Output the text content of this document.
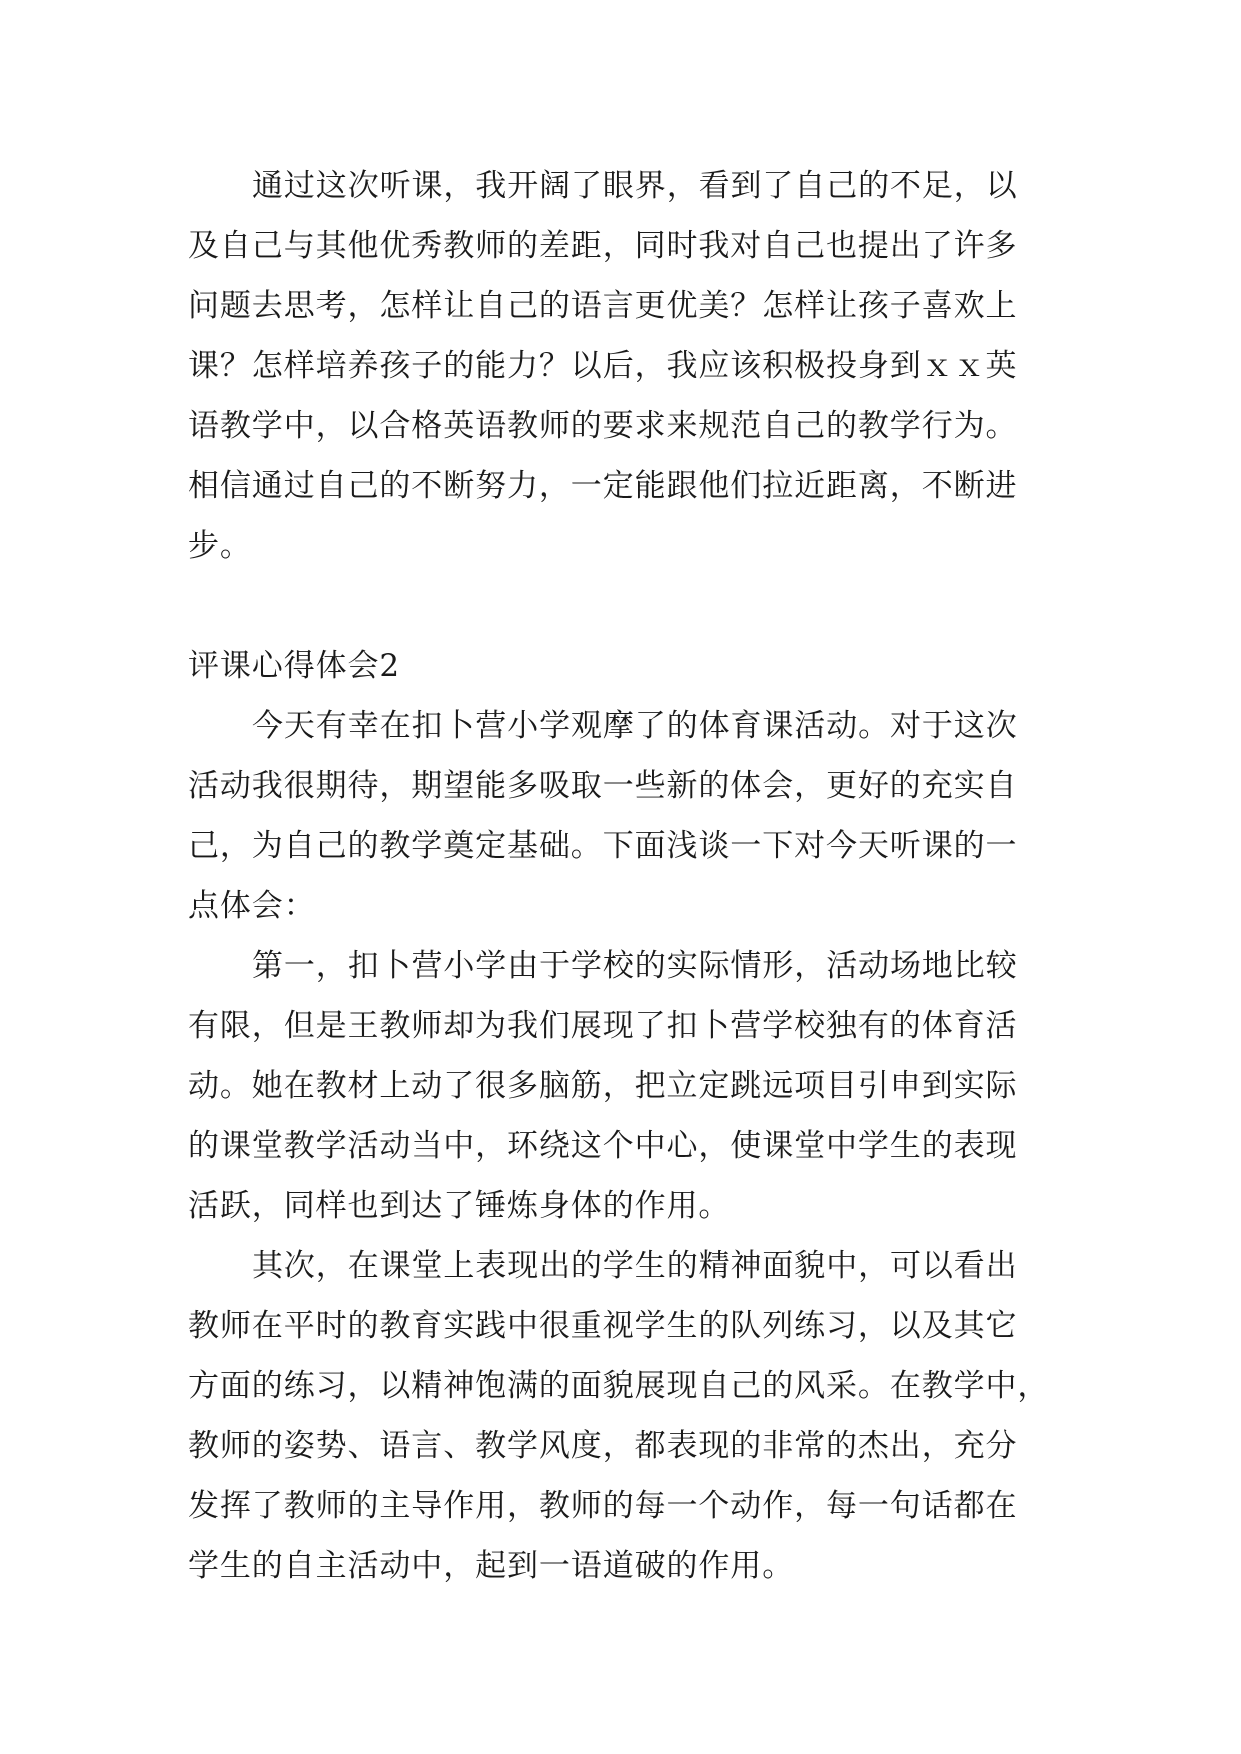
通过这次听课，我开阔了眼界，看到了自己的不足，以
及自己与其他优秀教师的差距，同时我对自己也提出了许多
问题去思考，怎样让自己的语言更优美？怎样让孩子喜欢上
课？怎样培养孩子的能力？以后，我应该积极投身到ｘｘ英
语教学中，以合格英语教师的要求来规范自己的教学行为。
相信通过自己的不断努力，一定能跟他们拉近距离，不断进
步。
评课心得体会2
今天有幸在扣卜营小学观摩了的体育课活动。对于这次
活动我很期待，期望能多吸取一些新的体会，更好的充实自
己，为自己的教学奠定基础。下面浅谈一下对今天听课的一
点体会：
第一，扣卜营小学由于学校的实际情形，活动场地比较
有限，但是王教师却为我们展现了扣卜营学校独有的体育活
动。她在教材上动了很多脑筋，把立定跳远项目引申到实际
的课堂教学活动当中，环绕这个中心，使课堂中学生的表现
活跃，同样也到达了锤炼身体的作用。
其次，在课堂上表现出的学生的精神面貌中，可以看出
教师在平时的教育实践中很重视学生的队列练习，以及其它
方面的练习，以精神饱满的面貌展现自己的风采。在教学中，
教师的姿势、语言、教学风度，都表现的非常的杰出，充分
发挥了教师的主导作用，教师的每一个动作，每一句话都在
学生的自主活动中，起到一语道破的作用。
